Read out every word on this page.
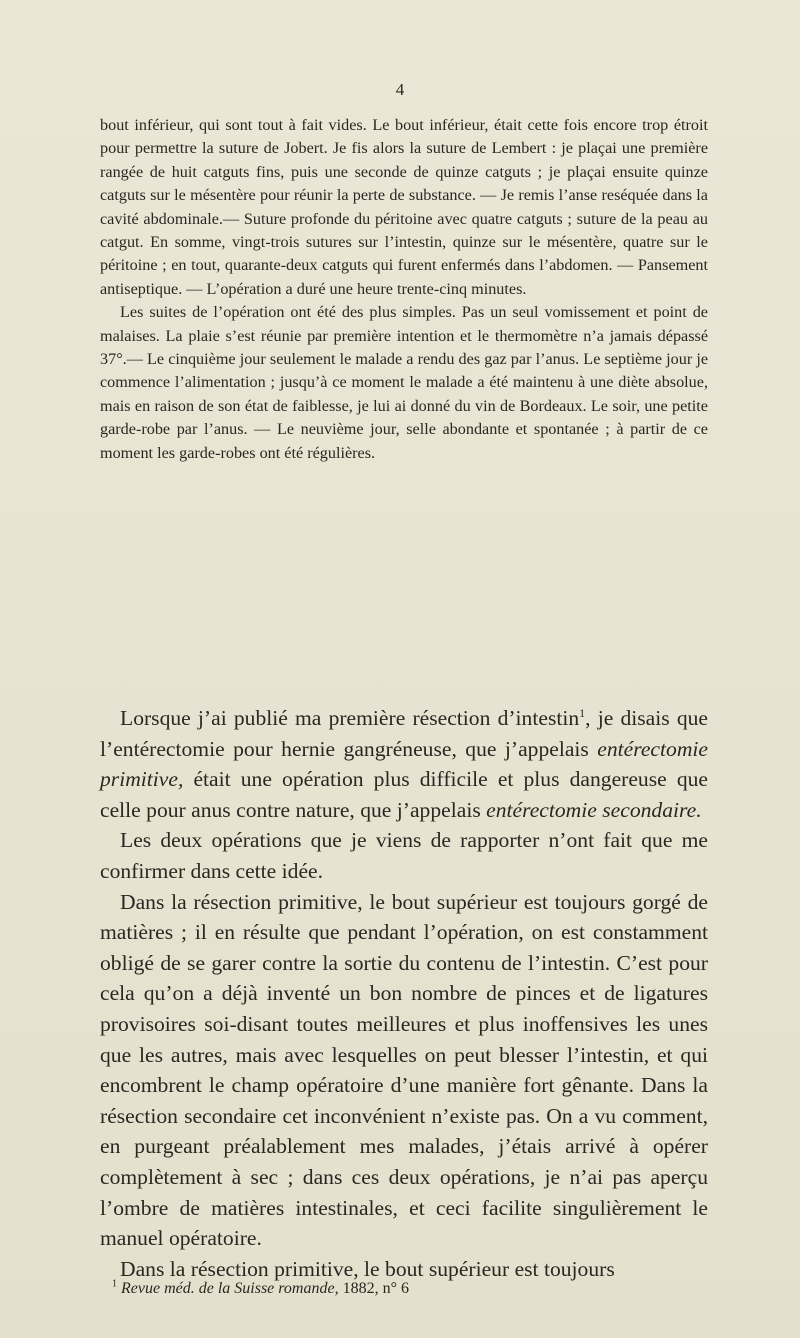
4

bout inférieur, qui sont tout à fait vides. Le bout inférieur, était cette fois encore trop étroit pour permettre la suture de Jobert. Je fis alors la suture de Lembert : je plaçai une première rangée de huit catguts fins, puis une seconde de quinze catguts ; je plaçai ensuite quinze catguts sur le mésentère pour réunir la perte de substance. — Je remis l’anse reséquée dans la cavité abdominale.— Suture profonde du péritoine avec quatre catguts ; suture de la peau au catgut. En somme, vingt-trois sutures sur l’intestin, quinze sur le mésentère, quatre sur le péritoine ; en tout, quarante-deux catguts qui furent enfermés dans l’abdomen. — Pansement antiseptique. — L’opération a duré une heure trente-cinq minutes.

Les suites de l’opération ont été des plus simples. Pas un seul vomissement et point de malaises. La plaie s’est réunie par première intention et le thermomètre n’a jamais dépassé 37°.— Le cinquième jour seulement le malade a rendu des gaz par l’anus. Le septième jour je commence l’alimentation ; jusqu’à ce moment le malade a été maintenu à une diète absolue, mais en raison de son état de faiblesse, je lui ai donné du vin de Bordeaux. Le soir, une petite garde-robe par l’anus. — Le neuvième jour, selle abondante et spontanée ; à partir de ce moment les garde-robes ont été régulières.

Lorsque j’ai publié ma première résection d’intestin$^1$, je disais que l’entérectomie pour hernie gangréneuse, que j’appelais entérectomie primitive, était une opération plus difficile et plus dangereuse que celle pour anus contre nature, que j’appelais entérectomie secondaire.

Les deux opérations que je viens de rapporter n’ont fait que me confirmer dans cette idée.

Dans la résection primitive, le bout supérieur est toujours gorgé de matières ; il en résulte que pendant l’opération, on est constamment obligé de se garer contre la sortie du contenu de l’intestin. C’est pour cela qu’on a déjà inventé un bon nombre de pinces et de ligatures provisoires soi-disant toutes meilleures et plus inoffensives les unes que les autres, mais avec lesquelles on peut blesser l’intestin, et qui encombrent le champ opératoire d’une manière fort gênante. Dans la résection secondaire cet inconvénient n’existe pas. On a vu comment, en purgeant préalablement mes malades, j’étais arrivé à opérer complètement à sec ; dans ces deux opérations, je n’ai pas aperçu l’ombre de matières intestinales, et ceci facilite singulièrement le manuel opératoire.

Dans la résection primitive, le bout supérieur est toujours

$^1$ Revue méd. de la Suisse romande, 1882, n° 6
